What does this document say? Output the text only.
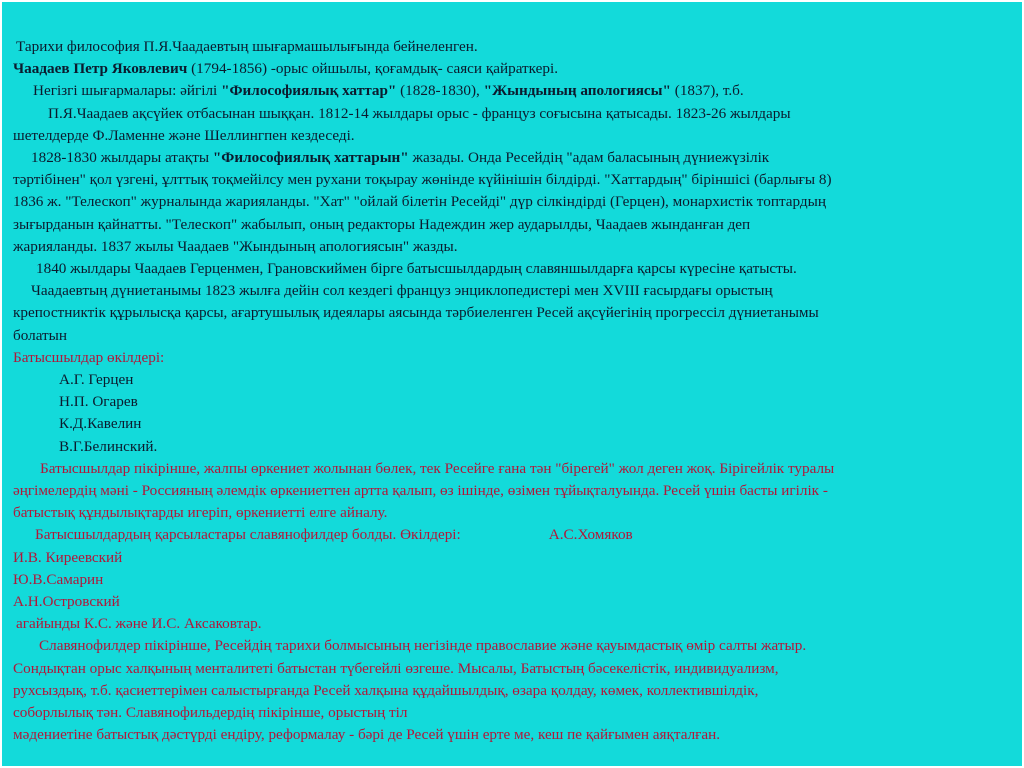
Тарихи философия П.Я.Чаадаевтың шығармашылығында бейнеленген.
Чаадаев Петр Яковлевич (1794-1856) -орыс ойшылы, қоғамдық- саяси қайраткері.
Негізгі шығармалары: әйгілі "Философиялық хаттар" (1828-1830), "Жындының апологиясы" (1837), т.б.
П.Я.Чаадаев ақсүйек отбасынан шыққан. 1812-14 жылдары орыс - француз соғысына қатысады. 1823-26 жылдары
шетелдерде Ф.Ламенне және Шеллингпен кездеседі.
1828-1830 жылдары атақты "Философиялық хаттарын" жазады. Онда Ресейдің "адам баласының дүниежүзілік
тәртібінен" қол үзгені, ұлттық тоқмейілсу мен рухани тоқырау жөнінде күйінішін білдірді. "Хаттардың" біріншісі (барлығы 8)
1836 ж. "Телескоп" журналында жарияланды. "Хат" "ойлай білетін Ресейді" дүр сілкіндірді (Герцен), монархистік топтардың
зығырданын қайнатты. "Телескоп" жабылып, оның редакторы Надеждин жер аударылды, Чаадаев жынданған деп
жарияланды. 1837 жылы Чаадаев "Жындының апологиясын" жазды.
1840 жылдары Чаадаев Герценмен, Грановскиймен бірге батысшылдардың славяншылдарға қарсы күресіне қатысты.
Чаадаевтың дүниетанымы 1823 жылға дейін сол кездегі француз энциклопедистері мен XVIII ғасырдағы орыстың
крепостниктік құрылысқа қарсы, ағартушылық идеялары аясында тәрбиеленген Ресей ақсүйегінің прогрессіл дүниетанымы
болатын
Батысшылдар өкілдері:
А.Г. Герцен
Н.П. Огарев
К.Д.Кавелин
В.Г.Белинский.
Батысшылдар пікірінше, жалпы өркениет жолынан бөлек, тек Ресейге ғана тән "бірегей" жол деген жоқ. Бірігейлік туралы
әңгімелердің мәні - Россияның әлемдік өркениеттен артта қалып, өз ішінде, өзімен тұйықталуында. Ресей үшін басты игілік -
батыстық құндылықтарды игеріп, өркениетті елге айналу.
Батысшылдардың қарсыластары славянофилдер болды. Өкілдері:	А.С.Хомяков
И.В. Киреевский
Ю.В.Самарин
А.Н.Островский
агайынды К.С. және И.С. Аксаковтар.
Славянофилдер пікірінше, Ресейдің тарихи болмысының негізінде православие және қауымдастық өмір салты жатыр.
Сондықтан орыс халқының менталитеті батыстан түбегейлі өзгеше. Мысалы, Батыстың бәсекелістік, индивидуализм,
рухсыздық, т.б. қасиеттерімен салыстырғанда Ресей халқына құдайшылдық, өзара қолдау, көмек, коллектившілдік,
соборлылық тән. Славянофильдердің пікірінше, орыстың тіл
мәдениетіне батыстық дәстүрді ендіру, реформалау - бәрі де Ресей үшін ерте ме, кеш пе қайғымен аяқталған.
